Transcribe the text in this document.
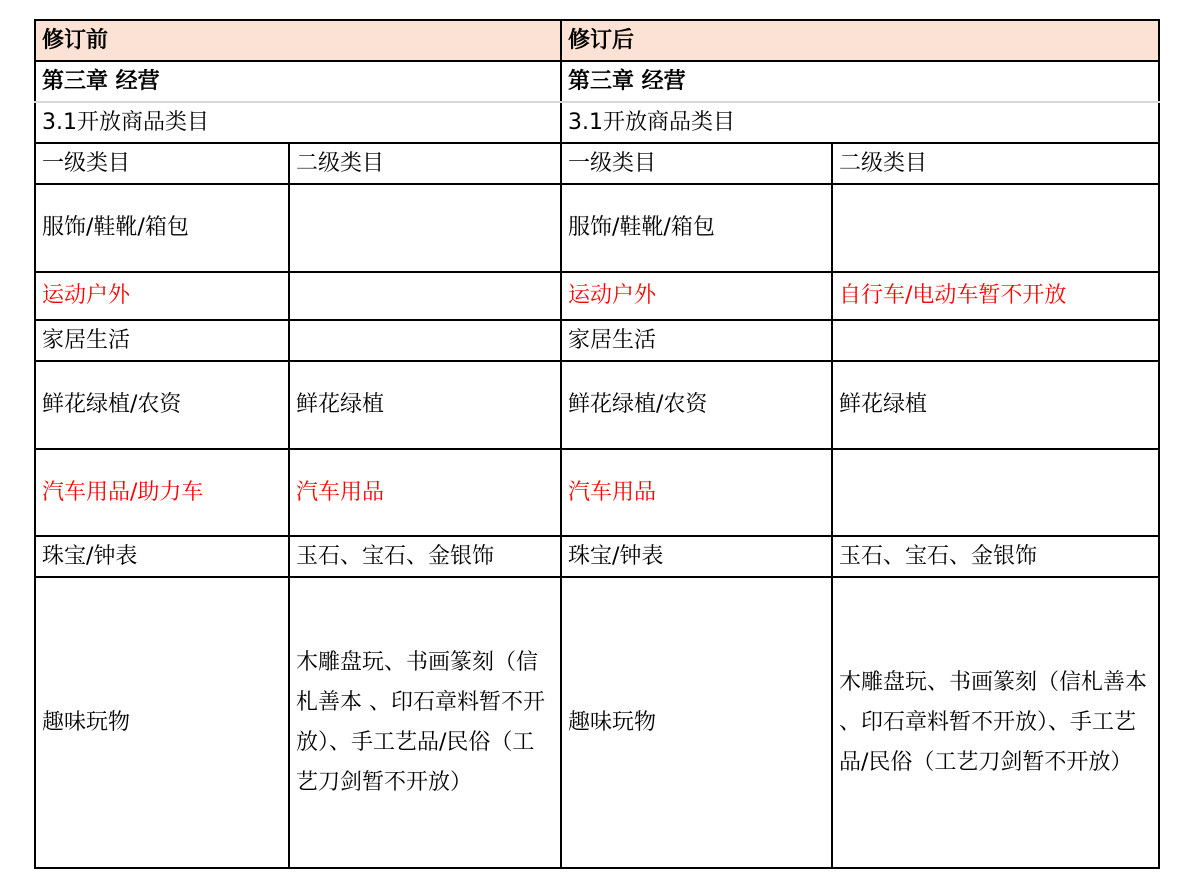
修订前		修订后	
第三章 经营		第三章 经营	
3.1开放商品类目		3.1开放商品类目	
一级类目	二级类目	一级类目	二级类目
服饰/鞋靴/箱包		服饰/鞋靴/箱包	
运动户外		运动户外	自行车/电动车暂不开放
家居生活		家居生活	
鲜花绿植/农资	鲜花绿植	鲜花绿植/农资	鲜花绿植
汽车用品/助力车	汽车用品	汽车用品	
珠宝/钟表	玉石、宝石、金银饰	珠宝/钟表	玉石、宝石、金银饰
趣味玩物	木雕盘玩、书画篆刻（信札善本 、印石章料暂不开放）、手工艺品/民俗（工艺刀剑暂不开放）	趣味玩物	木雕盘玩、书画篆刻（信札善本 、印石章料暂不开放）、手工艺品/民俗（工艺刀剑暂不开放）
